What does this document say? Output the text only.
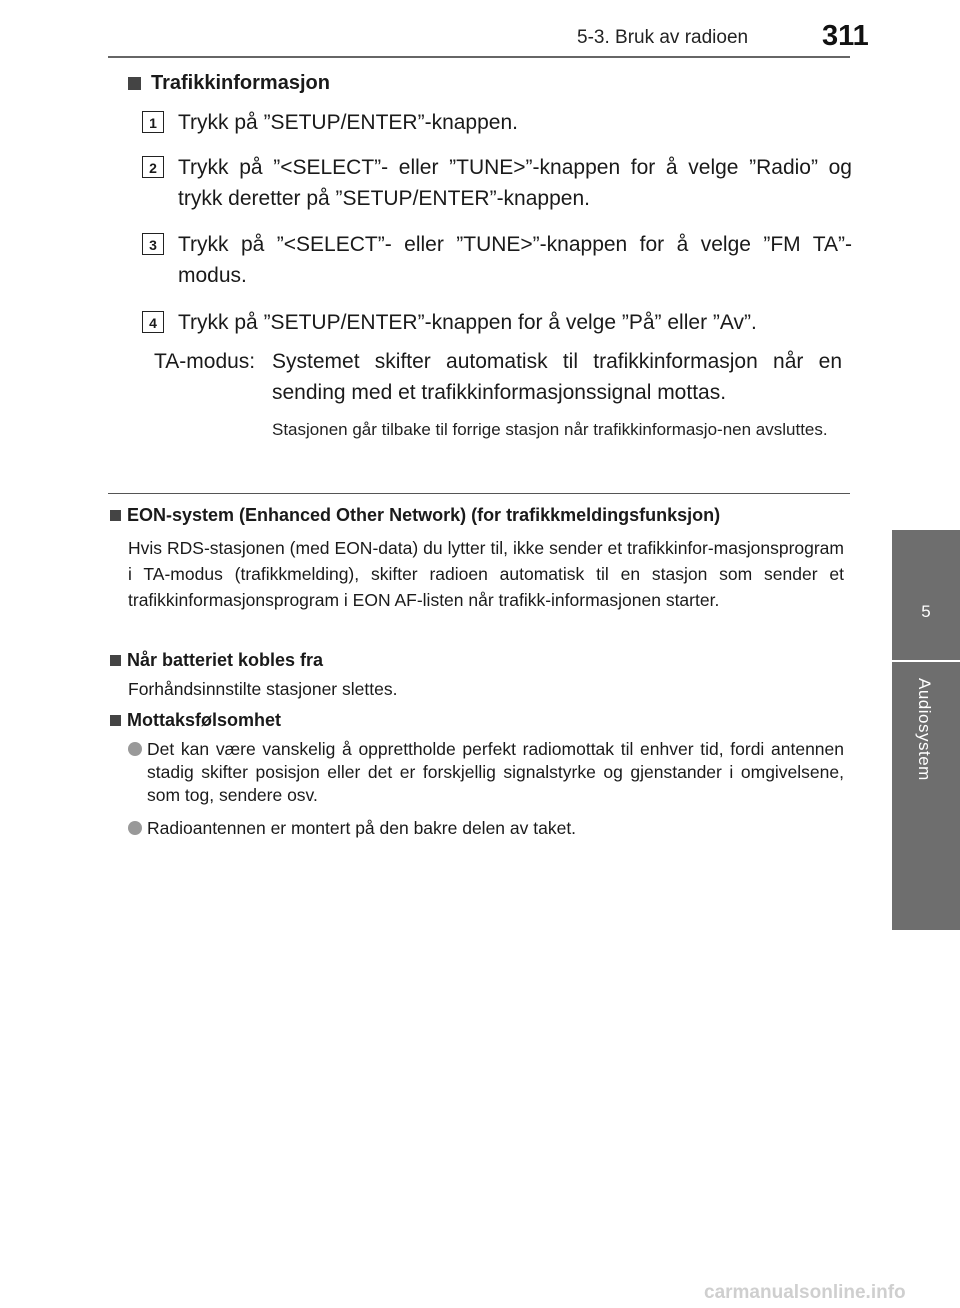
5-3. Bruk av radioen	311
5
Audiosystem
Trafikkinformasjon
1	Trykk på ”SETUP/ENTER”-knappen.
2	Trykk på ”<SELECT”- eller ”TUNE>”-knappen for å velge ”Radio” og trykk deretter på ”SETUP/ENTER”-knappen.
3	Trykk på ”<SELECT”- eller ”TUNE>”-knappen for å velge ”FM TA”-modus.
4	Trykk på ”SETUP/ENTER”-knappen for å velge ”På” eller ”Av”.
TA-modus: Systemet skifter automatisk til trafikkinformasjon når en sending med et trafikkinformasjonssignal mottas.
Stasjonen går tilbake til forrige stasjon når trafikkinformasjo-nen avsluttes.
EON-system (Enhanced Other Network) (for trafikkmeldingsfunksjon)
Hvis RDS-stasjonen (med EON-data) du lytter til, ikke sender et trafikkinfor-masjonsprogram i TA-modus (trafikkmelding), skifter radioen automatisk til en stasjon som sender et trafikkinformasjonsprogram i EON AF-listen når trafikk-informasjonen starter.
Når batteriet kobles fra
Forhåndsinnstilte stasjoner slettes.
Mottaksfølsomhet
Det kan være vanskelig å opprettholde perfekt radiomottak til enhver tid, fordi antennen stadig skifter posisjon eller det er forskjellig signalstyrke og gjenstander i omgivelsene, som tog, sendere osv.
Radioantennen er montert på den bakre delen av taket.
carmanualsonline.info
